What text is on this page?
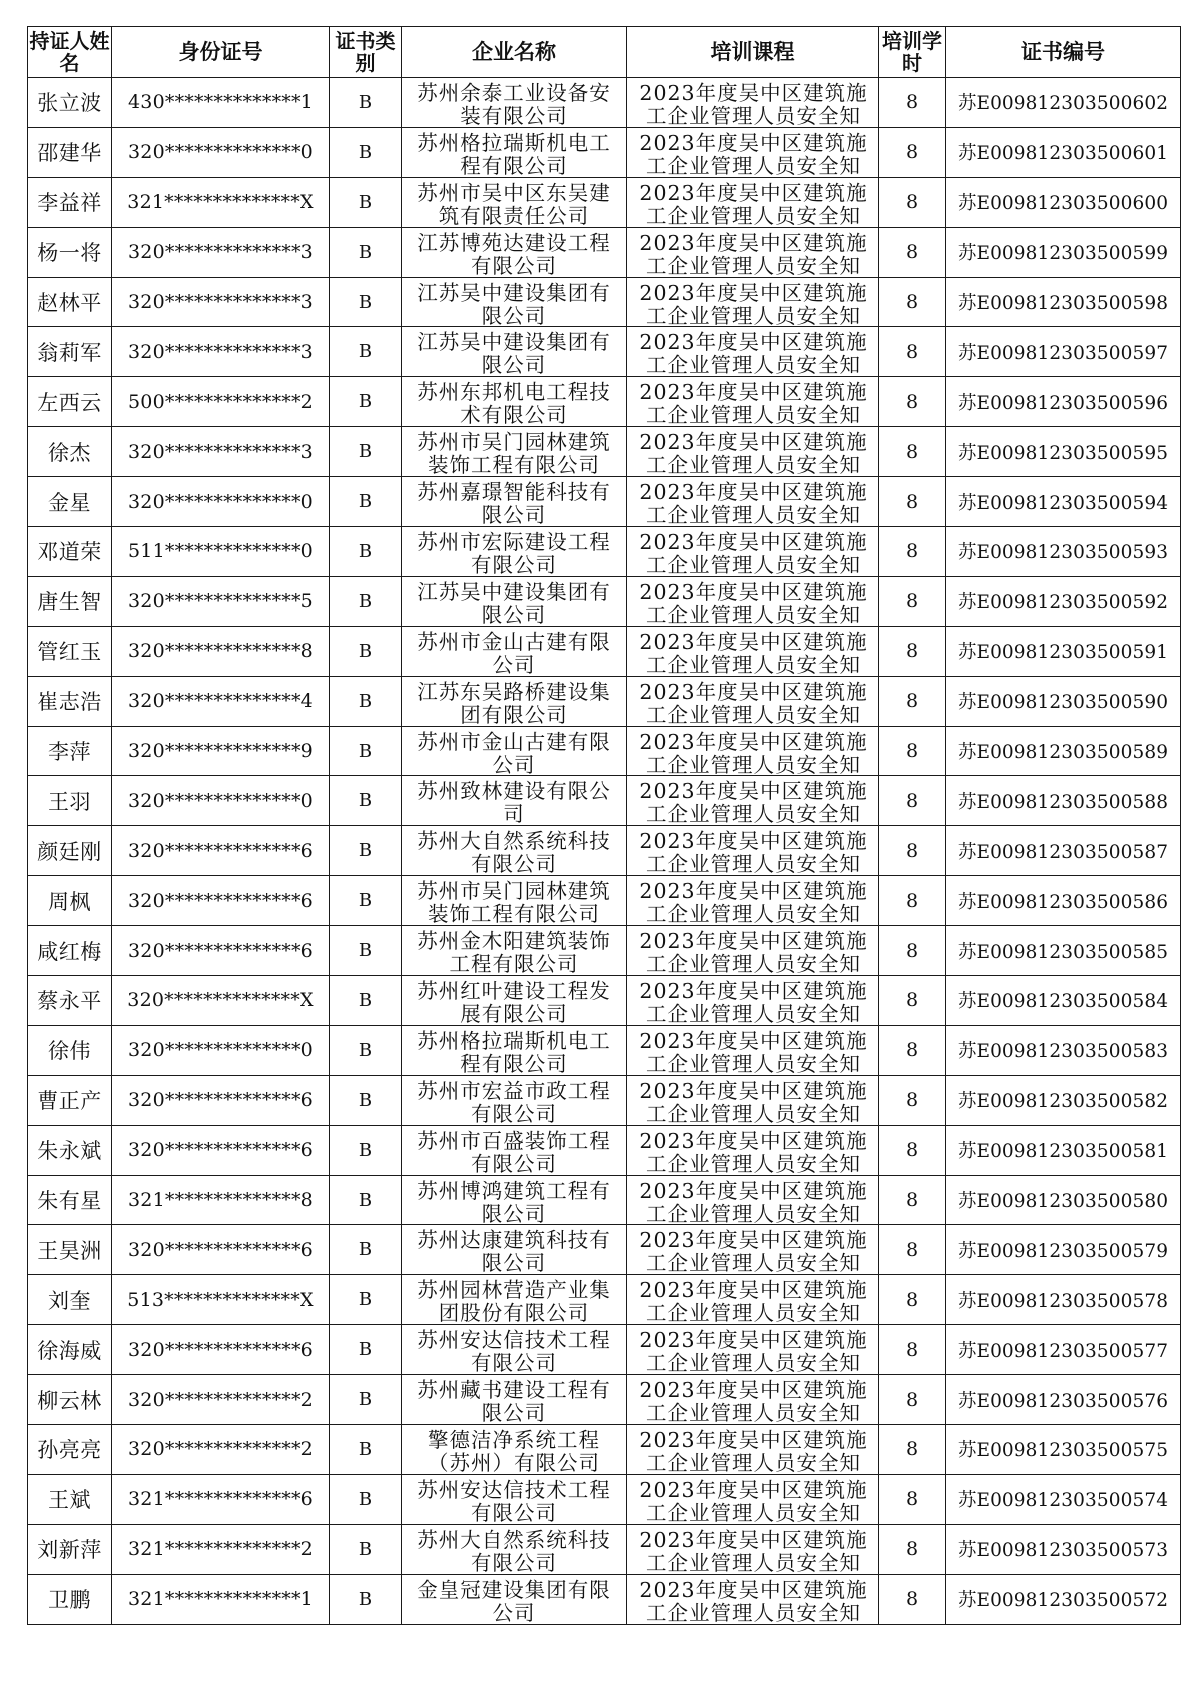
持证人姓名	身份证号	证书类别	企业名称	培训课程	培训学时	证书编号
张立波	430**************1	B	苏州余泰工业设备安装有限公司	2023年度吴中区建筑施工企业管理人员安全知	8	苏E009812303500602
邵建华	320**************0	B	苏州格拉瑞斯机电工程有限公司	2023年度吴中区建筑施工企业管理人员安全知	8	苏E009812303500601
李益祥	321**************X	B	苏州市吴中区东吴建筑有限责任公司	2023年度吴中区建筑施工企业管理人员安全知	8	苏E009812303500600
杨一将	320**************3	B	江苏博苑达建设工程有限公司	2023年度吴中区建筑施工企业管理人员安全知	8	苏E009812303500599
赵林平	320**************3	B	江苏吴中建设集团有限公司	2023年度吴中区建筑施工企业管理人员安全知	8	苏E009812303500598
翁莉军	320**************3	B	江苏吴中建设集团有限公司	2023年度吴中区建筑施工企业管理人员安全知	8	苏E009812303500597
左西云	500**************2	B	苏州东邦机电工程技术有限公司	2023年度吴中区建筑施工企业管理人员安全知	8	苏E009812303500596
徐杰	320**************3	B	苏州市吴门园林建筑装饰工程有限公司	2023年度吴中区建筑施工企业管理人员安全知	8	苏E009812303500595
金星	320**************0	B	苏州嘉璟智能科技有限公司	2023年度吴中区建筑施工企业管理人员安全知	8	苏E009812303500594
邓道荣	511**************0	B	苏州市宏际建设工程有限公司	2023年度吴中区建筑施工企业管理人员安全知	8	苏E009812303500593
唐生智	320**************5	B	江苏吴中建设集团有限公司	2023年度吴中区建筑施工企业管理人员安全知	8	苏E009812303500592
管红玉	320**************8	B	苏州市金山古建有限公司	2023年度吴中区建筑施工企业管理人员安全知	8	苏E009812303500591
崔志浩	320**************4	B	江苏东吴路桥建设集团有限公司	2023年度吴中区建筑施工企业管理人员安全知	8	苏E009812303500590
李萍	320**************9	B	苏州市金山古建有限公司	2023年度吴中区建筑施工企业管理人员安全知	8	苏E009812303500589
王羽	320**************0	B	苏州致林建设有限公司	2023年度吴中区建筑施工企业管理人员安全知	8	苏E009812303500588
颜廷刚	320**************6	B	苏州大自然系统科技有限公司	2023年度吴中区建筑施工企业管理人员安全知	8	苏E009812303500587
周枫	320**************6	B	苏州市吴门园林建筑装饰工程有限公司	2023年度吴中区建筑施工企业管理人员安全知	8	苏E009812303500586
咸红梅	320**************6	B	苏州金木阳建筑装饰工程有限公司	2023年度吴中区建筑施工企业管理人员安全知	8	苏E009812303500585
蔡永平	320**************X	B	苏州红叶建设工程发展有限公司	2023年度吴中区建筑施工企业管理人员安全知	8	苏E009812303500584
徐伟	320**************0	B	苏州格拉瑞斯机电工程有限公司	2023年度吴中区建筑施工企业管理人员安全知	8	苏E009812303500583
曹正产	320**************6	B	苏州市宏益市政工程有限公司	2023年度吴中区建筑施工企业管理人员安全知	8	苏E009812303500582
朱永斌	320**************6	B	苏州市百盛装饰工程有限公司	2023年度吴中区建筑施工企业管理人员安全知	8	苏E009812303500581
朱有星	321**************8	B	苏州博鸿建筑工程有限公司	2023年度吴中区建筑施工企业管理人员安全知	8	苏E009812303500580
王昊洲	320**************6	B	苏州达康建筑科技有限公司	2023年度吴中区建筑施工企业管理人员安全知	8	苏E009812303500579
刘奎	513**************X	B	苏州园林营造产业集团股份有限公司	2023年度吴中区建筑施工企业管理人员安全知	8	苏E009812303500578
徐海威	320**************6	B	苏州安达信技术工程有限公司	2023年度吴中区建筑施工企业管理人员安全知	8	苏E009812303500577
柳云林	320**************2	B	苏州藏书建设工程有限公司	2023年度吴中区建筑施工企业管理人员安全知	8	苏E009812303500576
孙亮亮	320**************2	B	擎德洁净系统工程（苏州）有限公司	2023年度吴中区建筑施工企业管理人员安全知	8	苏E009812303500575
王斌	321**************6	B	苏州安达信技术工程有限公司	2023年度吴中区建筑施工企业管理人员安全知	8	苏E009812303500574
刘新萍	321**************2	B	苏州大自然系统科技有限公司	2023年度吴中区建筑施工企业管理人员安全知	8	苏E009812303500573
卫鹏	321**************1	B	金皇冠建设集团有限公司	2023年度吴中区建筑施工企业管理人员安全知	8	苏E009812303500572
